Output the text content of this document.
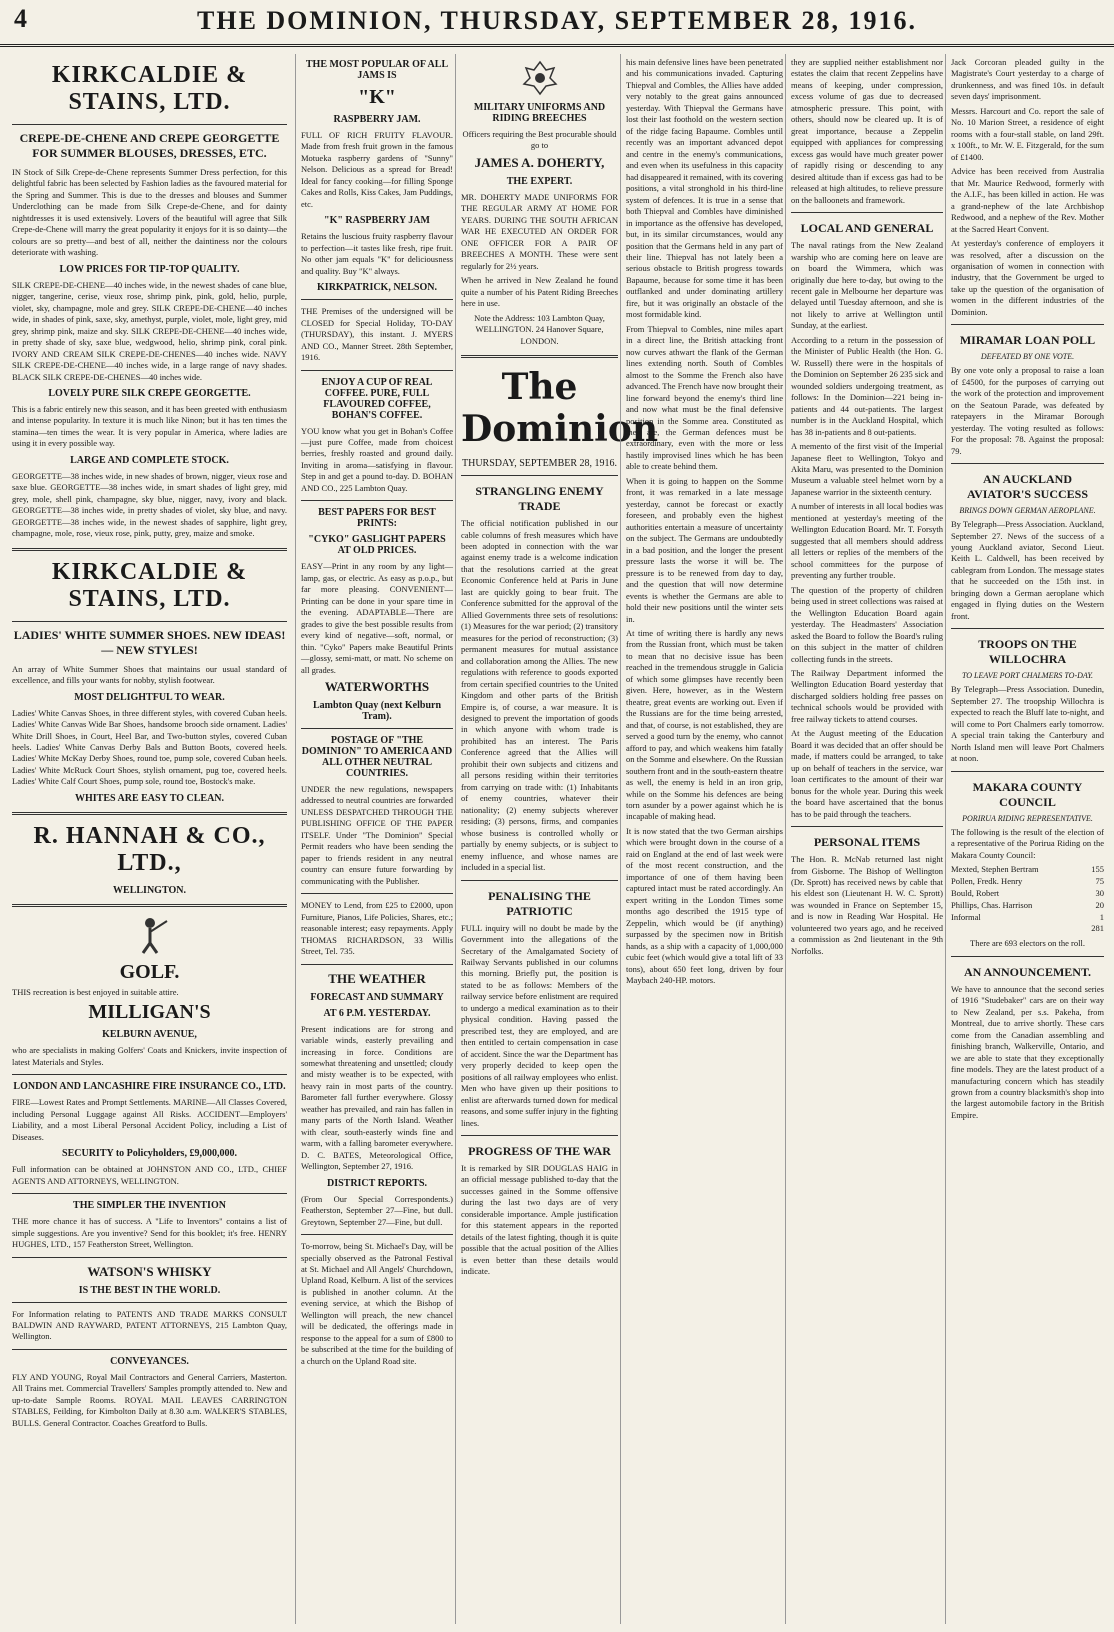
4	THE DOMINION, THURSDAY, SEPTEMBER 28, 1916.
KIRKCALDIE & STAINS, LTD.
CREPE-DE-CHENE AND CREPE GEORGETTE FOR SUMMER BLOUSES, DRESSES, ETC.
IN Stock of Silk Crepe-de-Chene represents Summer Dress perfection, for this delightful fabric has been selected by Fashion ladies as the favoured material for the Spring and Summer. This is due to the dresses and blouses and Summer Underclothing can be made from Silk Crepe-de-Chene, and for dainty nightdresses it is used extensively. Lovers of the beautiful will agree that Silk Crepe-de-Chene will marry the great popularity it enjoys for it is so dainty—the colours are so pretty—and best of all, neither the daintiness nor the colours deteriorate with washing.
LOW PRICES FOR TIP-TOP QUALITY.
SILK CREPE-DE-CHENE—40 inches wide, in the newest shades of cane blue, nigger, tangerine, cerise, vieux rose, shrimp pink, pink, gold, helio, purple, violet, sky, champagne, mole and grey. SILK CREPE-DE-CHENE—40 inches wide, in shades of pink, saxe, sky, amethyst, purple, violet, mole, light grey, mid grey, shrimp pink, maize and sky. SILK CREPE-DE-CHENE—40 inches wide, in pretty shade of sky, saxe blue, wedgwood, helio, shrimp pink, coral pink. IVORY AND CREAM SILK CREPE-DE-CHENES—40 inches wide. NAVY SILK CREPE-DE-CHENE—40 inches wide, in a large range of navy shades. BLACK SILK CREPE-DE-CHENES—40 inches wide.
LOVELY PURE SILK CREPE GEORGETTE.
This is a fabric entirely new this season, and it has been greeted with enthusiasm and intense popularity. In texture it is much like Ninon; but it has ten times the stamina—ten times the wear. It is very popular in America, where ladies are using it in every possible way.
LARGE AND COMPLETE STOCK.
GEORGETTE—38 inches wide, in new shades of brown, nigger, vieux rose and saxe blue. GEORGETTE—38 inches wide, in smart shades of light grey, mid grey, mole, shell pink, champagne, sky blue, nigger, navy, ivory and black. GEORGETTE—38 inches wide, in pretty shades of violet, sky blue, and navy. GEORGETTE—38 inches wide, in the newest shades of sapphire, light grey, champagne, mole, rose, vieux rose, pink, putty, grey, maize and smoke.
KIRKCALDIE & STAINS, LTD.
LADIES' WHITE SUMMER SHOES. NEW IDEAS! — NEW STYLES!
An array of White Summer Shoes that maintains our usual standard of excellence, and fills your wants for nobby, stylish footwear.
MOST DELIGHTFUL TO WEAR.
Ladies' White Canvas Shoes, in three different styles, with covered Cuban heels. Ladies' White Canvas Wide Bar Shoes, handsome brooch side ornament. Ladies' White Drill Shoes, in Court, Heel Bar, and Two-button styles, covered Cuban heels. Ladies' White Canvas Derby Bals and Button Boots, covered heels. Ladies' White McKay Derby Shoes, round toe, pump sole, covered Cuban heels. Ladies' White McRuck Court Shoes, stylish ornament, pug toe, covered heels. Ladies' White Calf Court Shoes, pump sole, round toe, Bostock's make.
WHITES ARE EASY TO CLEAN.
R. HANNAH & CO., LTD.,
WELLINGTON.
GOLF.
THIS recreation is best enjoyed in suitable attire.
MILLIGAN'S
KELBURN AVENUE,
who are specialists in making Golfers' Coats and Knickers, invite inspection of latest Materials and Styles.
LONDON AND LANCASHIRE FIRE INSURANCE CO., LTD.
FIRE—Lowest Rates and Prompt Settlements. MARINE—All Classes Covered, including Personal Luggage against All Risks. ACCIDENT—Employers' Liability, and a most Liberal Personal Accident Policy, including a List of Diseases.
SECURITY to Policyholders, £9,000,000.
Full information can be obtained at JOHNSTON AND CO., LTD., CHIEF AGENTS AND ATTORNEYS, WELLINGTON.
THE SIMPLER THE INVENTION
THE more chance it has of success. A "Life to Inventors" contains a list of simple suggestions. Are you inventive? Send for this booklet; it's free. HENRY HUGHES, LTD., 157 Featherston Street, Wellington.
WATSON'S WHISKY
IS THE BEST IN THE WORLD.
For Information relating to PATENTS AND TRADE MARKS CONSULT BALDWIN AND RAYWARD, PATENT ATTORNEYS, 215 Lambton Quay, Wellington.
CONVEYANCES.
FLY AND YOUNG, Royal Mail Contractors and General Carriers, Masterton. All Trains met. Commercial Travellers' Samples promptly attended to. New and up-to-date Sample Rooms. ROYAL MAIL LEAVES CARRINGTON STABLES, Feilding, for Kimbolton Daily at 8.30 a.m. WALKER'S STABLES, BULLS. General Contractor. Coaches Greatford to Bulls.
THE MOST POPULAR OF ALL JAMS IS
"K"
RASPBERRY JAM.
FULL OF RICH FRUITY FLAVOUR. Made from fresh fruit grown in the famous Motueka raspberry gardens of "Sunny" Nelson. Delicious as a spread for Bread! Ideal for fancy cooking—for filling Sponge Cakes and Rolls, Kiss Cakes, Jam Puddings, etc.
"K" RASPBERRY JAM
Retains the luscious fruity raspberry flavour to perfection—it tastes like fresh, ripe fruit. No other jam equals "K" for deliciousness and quality. Buy "K" always.
KIRKPATRICK, NELSON.
THE Premises of the undersigned will be CLOSED for Special Holiday, TO-DAY (THURSDAY), this instant. J. MYERS AND CO., Manner Street. 28th September, 1916.
ENJOY A CUP OF REAL COFFEE. PURE, FULL FLAVOURED COFFEE, BOHAN'S COFFEE.
YOU know what you get in Bohan's Coffee—just pure Coffee, made from choicest berries, freshly roasted and ground daily. Inviting in aroma—satisfying in flavour. Step in and get a pound to-day. D. BOHAN AND CO., 225 Lambton Quay.
BEST PAPERS FOR BEST PRINTS:
"CYKO" GASLIGHT PAPERS AT OLD PRICES.
EASY—Print in any room by any light—lamp, gas, or electric. As easy as p.o.p., but far more pleasing. CONVENIENT—Printing can be done in your spare time in the evening. ADAPTABLE—There are grades to give the best possible results from every kind of negative—soft, normal, or thin. "Cyko" Papers make Beautiful Prints—glossy, semi-matt, or matt. No scheme on all grades.
WATERWORTHS
Lambton Quay (next Kelburn Tram).
POSTAGE OF "THE DOMINION" TO AMERICA AND ALL OTHER NEUTRAL COUNTRIES.
UNDER the new regulations, newspapers addressed to neutral countries are forwarded UNLESS DESPATCHED THROUGH THE PUBLISHING OFFICE OF THE PAPER ITSELF. Under "The Dominion" Special Permit readers who have been sending the paper to friends resident in any neutral country can ensure future forwarding by communicating with the Publisher.
MONEY to Lend, from £25 to £2000, upon Furniture, Pianos, Life Policies, Shares, etc.; reasonable interest; easy repayments. Apply THOMAS RICHARDSON, 33 Willis Street, Tel. 735.
THE WEATHER
FORECAST AND SUMMARY
AT 6 P.M. YESTERDAY.
Present indications are for strong and variable winds, easterly prevailing and increasing in force. Conditions are somewhat threatening and unsettled; cloudy and misty weather is to be expected, with heavy rain in most parts of the country. Barometer fall further everywhere. Glossy weather has prevailed, and rain has fallen in many parts of the North Island. Weather with clear, south-easterly winds fine and warm, with a falling barometer everywhere. D. C. BATES, Meteorological Office, Wellington, September 27, 1916.
DISTRICT REPORTS.
(From Our Special Correspondents.) Featherston, September 27—Fine, but dull. Greytown, September 27—Fine, but dull.
To-morrow, being St. Michael's Day, will be specially observed as the Patronal Festival at St. Michael and All Angels' Churchdown, Upland Road, Kelburn. A list of the services is published in another column. At the evening service, at which the Bishop of Wellington will preach, the new chancel will be dedicated, the offerings made in response to the appeal for a sum of £800 to be subscribed at the time for the building of a church on the Upland Road site.
MILITARY UNIFORMS AND RIDING BREECHES
Officers requiring the Best procurable should go to
JAMES A. DOHERTY,
THE EXPERT.
MR. DOHERTY MADE UNIFORMS FOR THE REGULAR ARMY AT HOME FOR YEARS. DURING THE SOUTH AFRICAN WAR HE EXECUTED AN ORDER FOR ONE OFFICER FOR A PAIR OF BREECHES A MONTH. These were sent regularly for 2½ years.
When he arrived in New Zealand he found quite a number of his Patent Riding Breeches here in use.
Note the Address: 103 Lambton Quay, WELLINGTON. 24 Hanover Square, LONDON.
The Dominion
THURSDAY, SEPTEMBER 28, 1916.
STRANGLING ENEMY TRADE
The official notification published in our cable columns of fresh measures which have been adopted in connection with the war against enemy trade is a welcome indication that the resolutions carried at the great Economic Conference held at Paris in June last are quickly going to bear fruit. The Conference submitted for the approval of the Allied Governments three sets of resolutions: (1) Measures for the war period; (2) transitory measures for the period of reconstruction; (3) permanent measures for mutual assistance and collaboration among the Allies. The new regulations with reference to goods exported from certain specified countries to the United Kingdom and other parts of the British Empire is, of course, a war measure. It is designed to prevent the importation of goods in which anyone with whom trade is prohibited has an interest. The Paris Conference agreed that the Allies will prohibit their own subjects and citizens and all persons residing within their territories from carrying on trade with: (1) Inhabitants of enemy countries, whatever their nationality; (2) enemy subjects wherever residing; (3) persons, firms, and companies whose business is controlled wholly or partially by enemy subjects, or is subject to enemy influence, and whose names are included in a special list.
PENALISING THE PATRIOTIC
FULL inquiry will no doubt be made by the Government into the allegations of the Secretary of the Amalgamated Society of Railway Servants published in our columns this morning. Briefly put, the position is stated to be as follows: Members of the railway service before enlistment are required to undergo a medical examination as to their physical condition. Having passed the prescribed test, they are employed, and are then entitled to certain compensation in case of accident. Since the war the Department has very properly decided to keep open the positions of all railway employees who enlist. Men who have given up their positions to enlist are afterwards turned down for medical reasons, and some suffer injury in the fighting lines.
PROGRESS OF THE WAR
It is remarked by SIR DOUGLAS HAIG in an official message published to-day that the successes gained in the Somme offensive during the last two days are of very considerable importance. Ample justification for this statement appears in the reported details of the latest fighting, though it is quite possible that the actual position of the Allies is even better than these details would indicate.
his main defensive lines have been penetrated and his communications invaded. Capturing Thiepval and Combles, the Allies have added very notably to the great gains announced yesterday. With Thiepval the Germans have lost their last foothold on the western section of the ridge facing Bapaume. Combles until recently was an important advanced depot and centre in the enemy's communications, and even when its usefulness in this capacity had disappeared it remained, with its covering positions, a vital stronghold in his third-line system of defences. It is true in a sense that both Thiepval and Combles have diminished in importance as the offensive has developed, but, in its similar circumstances, would any position that the Germans held in any part of their line. Thiepval has not lately been a serious obstacle to British progress towards Bapaume, because for some time it has been outflanked and under dominating artillery fire, but it was originally an obstacle of the most formidable kind.
From Thiepval to Combles, nine miles apart in a direct line, the British attacking front now curves athwart the flank of the German lines extending north. South of Combles almost to the Somme the French also have advanced. The French have now brought their line forward beyond the enemy's third line and now what must be the final defensive position in the Somme area. Constituted as they are, the German defences must be extraordinary, even with the more or less hastily improvised lines which he has been able to create behind them.
When it is going to happen on the Somme front, it was remarked in a late message yesterday, cannot be forecast or exactly foreseen, and probably even the highest authorities entertain a measure of uncertainty on the subject. The Germans are undoubtedly in a bad position, and the longer the present pressure lasts the worse it will be. The pressure is to be renewed from day to day, and the question that will now determine events is whether the Germans are able to hold their new positions until the winter sets in.
At time of writing there is hardly any news from the Russian front, which must be taken to mean that no decisive issue has been reached in the tremendous struggle in Galicia of which some glimpses have recently been given. Here, however, as in the Western theatre, great events are working out. Even if the Russians are for the time being arrested, and that, of course, is not established, they are served a good turn by the enemy, who cannot afford to pay, and which weakens him fatally on the Somme and elsewhere. On the Russian southern front and in the south-eastern theatre as well, the enemy is held in an iron grip, while on the Somme his defences are being torn asunder by a power against which he is incapable of making head.
It is now stated that the two German airships which were brought down in the course of a raid on England at the end of last week were of the most recent construction, and the importance of one of them having been captured intact must be rated accordingly. An expert writing in the London Times some months ago described the 1915 type of Zeppelin, which would be (if anything) surpassed by the specimen now in British hands, as a ship with a capacity of 1,000,000 cubic feet (which would give a total lift of 33 tons), about 650 feet long, driven by four Maybach 240-HP. motors.
they are supplied neither establishment nor estates the claim that recent Zeppelins have means of keeping, under compression, excess volume of gas due to decreased atmospheric pressure. This point, with others, should now be cleared up. It is of great importance, because a Zeppelin equipped with appliances for compressing excess gas would have much greater power of rapidly rising or descending to any desired altitude than if excess gas had to be released at high altitudes, to relieve pressure on the balloonets and framework.
LOCAL AND GENERAL
The naval ratings from the New Zealand warship who are coming here on leave are on board the Wimmera, which was originally due here to-day, but owing to the recent gale in Melbourne her departure was delayed until Tuesday afternoon, and she is not likely to arrive at Wellington until Sunday, at the earliest.
According to a return in the possession of the Minister of Public Health (the Hon. G. W. Russell) there were in the hospitals of the Dominion on September 26 235 sick and wounded soldiers undergoing treatment, as follows: In the Dominion—221 being in-patients and 44 out-patients. The largest number is in the Auckland Hospital, which has 38 in-patients and 8 out-patients.
A memento of the first visit of the Imperial Japanese fleet to Wellington, Tokyo and Akita Maru, was presented to the Dominion Museum a valuable steel helmet worn by a Japanese warrior in the sixteenth century.
A number of interests in all local bodies was mentioned at yesterday's meeting of the Wellington Education Board. Mr. T. Forsyth suggested that all members should address all letters or replies of the members of the school committees for the purpose of preventing any further trouble.
The question of the property of children being used in street collections was raised at the Wellington Education Board again yesterday. The Headmasters' Association asked the Board to follow the Board's ruling on this subject in the matter of children collecting funds in the streets.
The Railway Department informed the Wellington Education Board yesterday that discharged soldiers holding free passes on technical schools would be provided with free railway tickets to attend courses.
At the August meeting of the Education Board it was decided that an offer should be made, if matters could be arranged, to take up on behalf of teachers in the service, war loan certificates to the amount of their war bonus for the whole year. During this week the board have ascertained that the bonus has to be paid through the teachers.
PERSONAL ITEMS
The Hon. R. McNab returned last night from Gisborne. The Bishop of Wellington (Dr. Sprott) has received news by cable that his eldest son (Lieutenant H. W. C. Sprott) was wounded in France on September 15, and is now in Reading War Hospital. He volunteered two years ago, and he received a commission as 2nd lieutenant in the 9th Norfolks.
Jack Corcoran pleaded guilty in the Magistrate's Court yesterday to a charge of drunkenness, and was fined 10s. in default seven days' imprisonment.
Messrs. Harcourt and Co. report the sale of No. 10 Marion Street, a residence of eight rooms with a four-stall stable, on land 29ft. x 100ft., to Mr. W. E. Fitzgerald, for the sum of £1400.
Advice has been received from Australia that Mr. Maurice Redwood, formerly with the A.I.F., has been killed in action. He was a grand-nephew of the late Archbishop Redwood, and a nephew of the Rev. Mother at the Sacred Heart Convent.
At yesterday's conference of employers it was resolved, after a discussion on the organisation of women in connection with industry, that the Government be urged to take up the question of the organisation of women in the different industries of the Dominion.
MIRAMAR LOAN POLL
DEFEATED BY ONE VOTE.
By one vote only a proposal to raise a loan of £4500, for the purposes of carrying out the work of the protection and improvement on the Seatoun Parade, was defeated by ratepayers in the Miramar Borough yesterday. The voting resulted as follows: For the proposal: 78. Against the proposal: 79.
AN AUCKLAND AVIATOR'S SUCCESS
BRINGS DOWN GERMAN AEROPLANE.
By Telegraph—Press Association. Auckland, September 27. News of the success of a young Auckland aviator, Second Lieut. Keith L. Caldwell, has been received by cablegram from London. The message states that he succeeded on the 15th inst. in bringing down a German aeroplane which engaged in flying duties on the Western front.
TROOPS ON THE WILLOCHRA
TO LEAVE PORT CHALMERS TO-DAY.
By Telegraph—Press Association. Dunedin, September 27. The troopship Willochra is expected to reach the Bluff late to-night, and will come to Port Chalmers early tomorrow. A special train taking the Canterbury and North Island men will leave Port Chalmers at noon.
MAKARA COUNTY COUNCIL
PORIRUA RIDING REPRESENTATIVE.
The following is the result of the election of a representative of the Porirua Riding on the Makara County Council:
Mexted, Stephen Bertram	155
Pollen, Fredk. Henry	75
Bould, Robert	30
Phillips, Chas. Harrison	20
Informal	1
281
There are 693 electors on the roll.
AN ANNOUNCEMENT.
We have to announce that the second series of 1916 "Studebaker" cars are on their way to New Zealand, per s.s. Pakeha, from Montreal, due to arrive shortly. These cars come from the Canadian assembling and finishing branch, Walkerville, Ontario, and we are able to state that they exceptionally fine models. They are the latest product of a manufacturing concern which has steadily grown from a country blacksmith's shop into the largest automobile factory in the British Empire.
